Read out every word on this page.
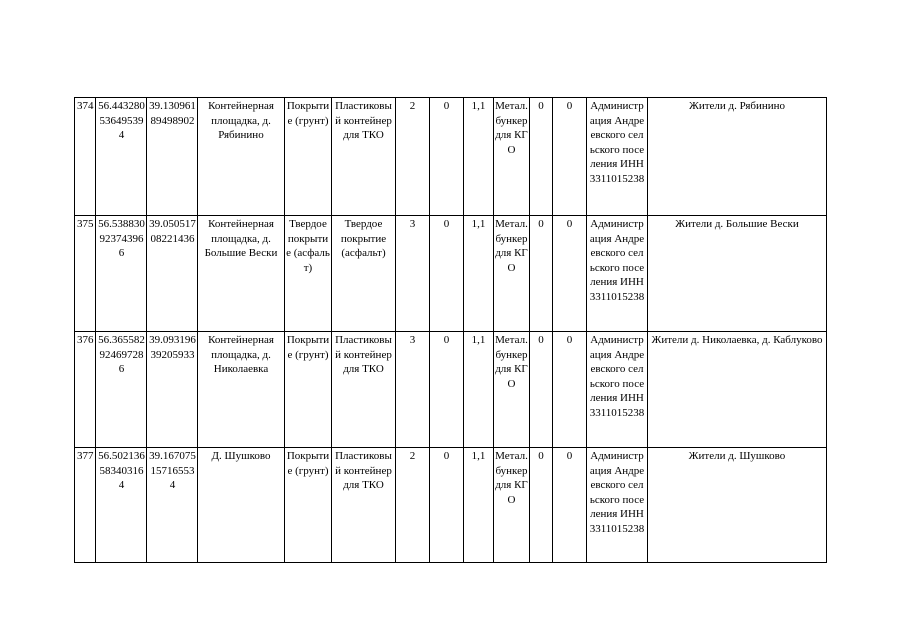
374	56.44328053649539 4	39.13096189498902	Контейнерная площадка, д. Рябинино	Покрытие (грунт)	Пластиковый контейнер для ТКО	2	0	1,1	Метал. бункер для КГО	0	0	Администрация Андреевского сельского поселения ИНН 3311015238	Жители д. Рябинино
375	56.53883092374396 6	39.05051708221436	Контейнерная площадка, д. Большие Вески	Твердое покрытие (асфальт)	Твердое покрытие (асфальт)	3	0	1,1	Метал. бункер для КГО	0	0	Администрация Андреевского сельского поселения ИНН 3311015238	Жители д. Большие Вески
376	56.36558292469728 6	39.09319639205933	Контейнерная площадка, д. Николаевка	Покрытие (грунт)	Пластиковый контейнер для ТКО	3	0	1,1	Метал. бункер для КГО	0	0	Администрация Андреевского сельского поселения ИНН 3311015238	Жители д. Николаевка, д. Каблуково
377	56.50213658340316 4	39.167075157165534	Д. Шушково	Покрытие (грунт)	Пластиковый контейнер для ТКО	2	0	1,1	Метал. бункер для КГО	0	0	Администрация Андреевского сельского поселения ИНН 3311015238	Жители д. Шушково
